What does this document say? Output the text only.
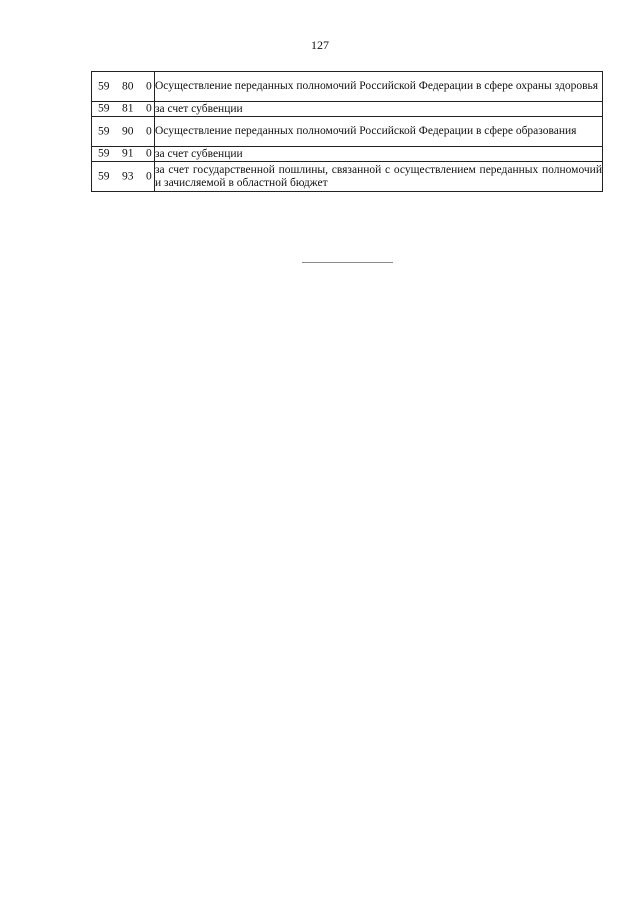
127
59 80 0	Осуществление переданных полномочий Российской Федерации в сфере охраны здоровья

59 81 0	за счет субвенции

59 90 0	Осуществление переданных полномочий Российской Федерации в сфере образования

59 91 0	за счет субвенции

59 93 0	за счет государственной пошлины, связанной с осуществлением переданных полномочий и зачисляемой в областной бюджет
